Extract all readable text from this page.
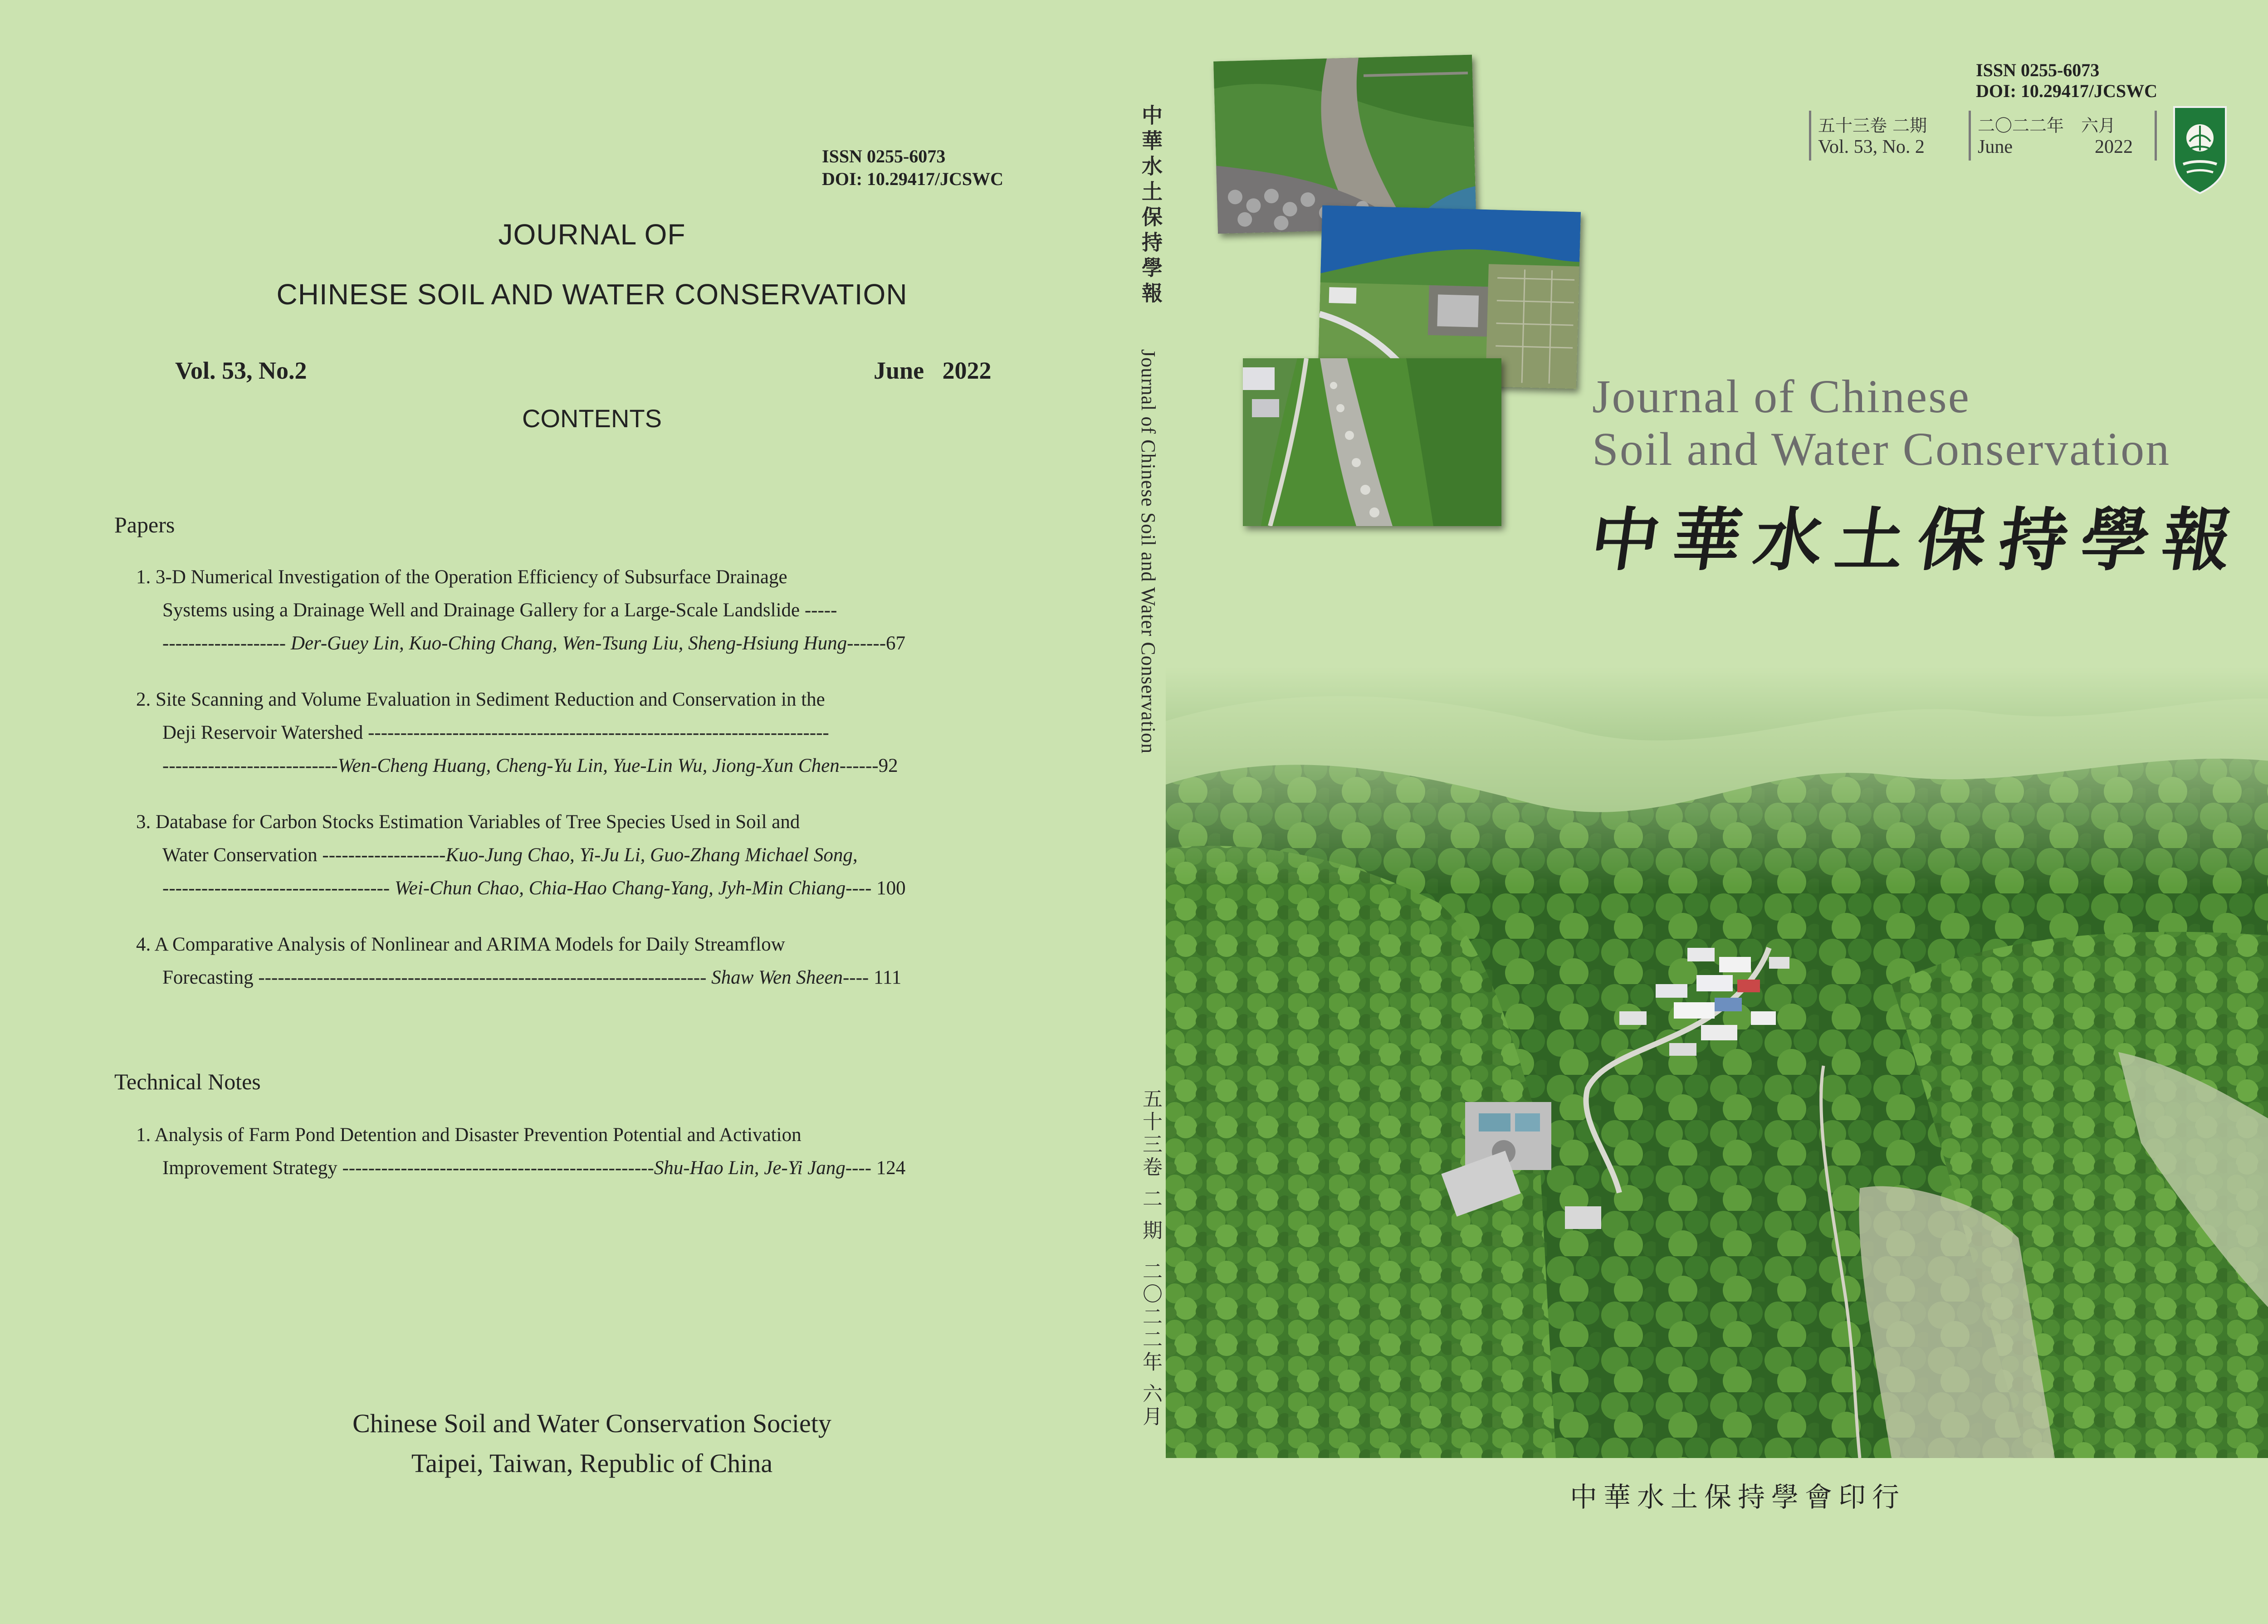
ISSN 0255-6073
DOI: 10.29417/JCSWC
JOURNAL OF
CHINESE SOIL AND WATER CONSERVATION
Vol. 53, No.2	June   2022
CONTENTS
Papers
1. 3-D Numerical Investigation of the Operation Efficiency of Subsurface Drainage
Systems using a Drainage Well and Drainage Gallery for a Large-Scale Landslide -----
------------------- Der-Guey Lin, Kuo-Ching Chang, Wen-Tsung Liu, Sheng-Hsiung Hung------67
2. Site Scanning and Volume Evaluation in Sediment Reduction and Conservation in the
Deji Reservoir Watershed -----------------------------------------------------------------------
---------------------------Wen-Cheng Huang, Cheng-Yu Lin, Yue-Lin Wu, Jiong-Xun Chen------92
3. Database for Carbon Stocks Estimation Variables of Tree Species Used in Soil and
Water Conservation -------------------Kuo-Jung Chao, Yi-Ju Li, Guo-Zhang Michael Song,
----------------------------------- Wei-Chun Chao, Chia-Hao Chang-Yang, Jyh-Min Chiang---- 100
4. A Comparative Analysis of Nonlinear and ARIMA Models for Daily Streamflow
Forecasting --------------------------------------------------------------------- Shaw Wen Sheen---- 111
Technical Notes
1. Analysis of Farm Pond Detention and Disaster Prevention Potential and Activation
Improvement Strategy ------------------------------------------------Shu-Hao Lin, Je-Yi Jang---- 124
Chinese Soil and Water Conservation Society
Taipei, Taiwan, Republic of China
中華水土保持學報
Journal of Chinese Soil and Water Conservation
五十三卷 二 期  二〇二二年 六月
ISSN 0255-6073
DOI: 10.29417/JCSWC
五十三卷 二期
Vol. 53, No. 2
二〇二二年　六月
June	2022
Journal of Chinese
Soil and Water Conservation
中華水土保持學報
中華水土保持學會印行
